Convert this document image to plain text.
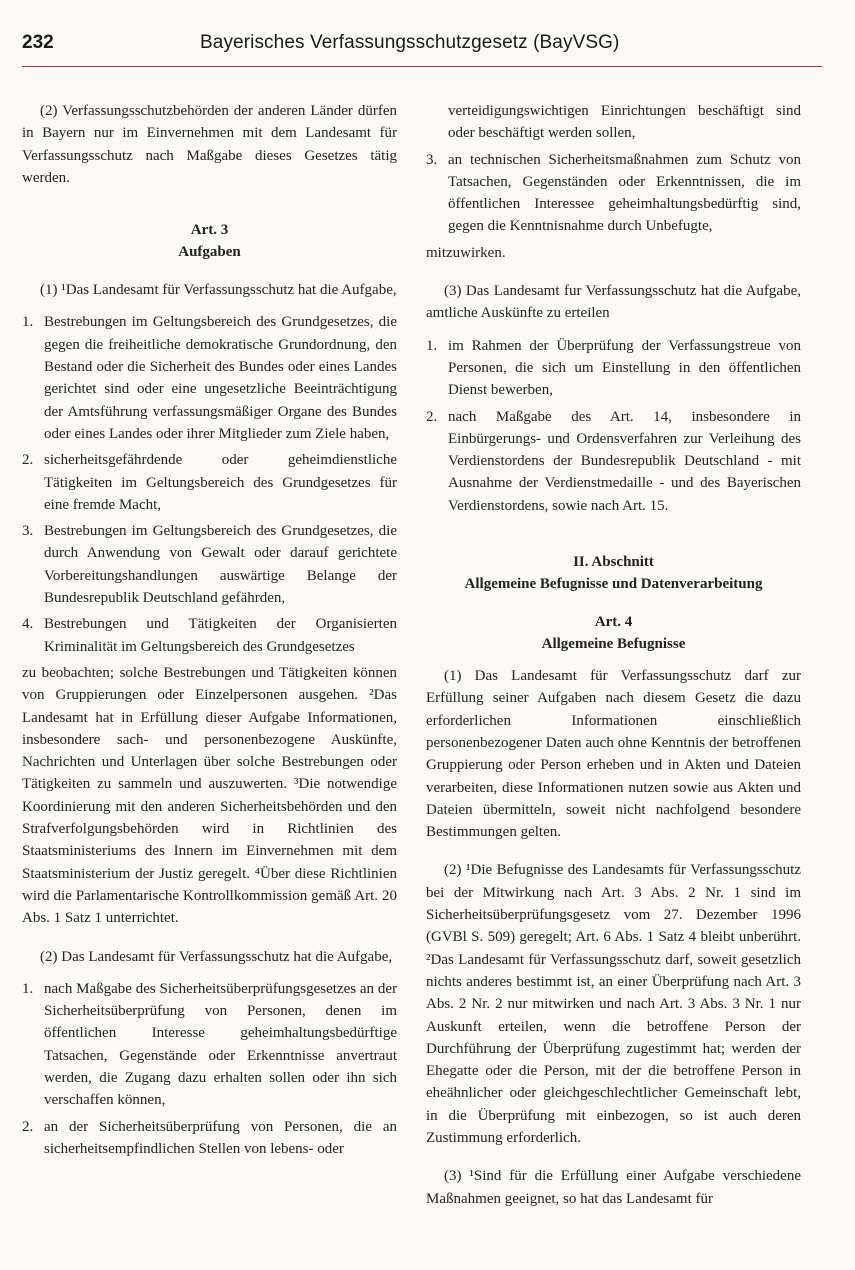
232	Bayerisches Verfassungsschutzgesetz (BayVSG)

(2) Verfassungsschutzbehörden der anderen Länder dürfen in Bayern nur im Einvernehmen mit dem Landesamt für Verfassungsschutz nach Maßgabe dieses Gesetzes tätig werden.

Art. 3
Aufgaben

(1) ¹Das Landesamt für Verfassungsschutz hat die Aufgabe,

1. Bestrebungen im Geltungsbereich des Grundgesetzes, die gegen die freiheitliche demokratische Grundordnung, den Bestand oder die Sicherheit des Bundes oder eines Landes gerichtet sind oder eine ungesetzliche Beeinträchtigung der Amtsführung verfassungsmäßiger Organe des Bundes oder eines Landes oder ihrer Mitglieder zum Ziele haben,
2. sicherheitsgefährdende oder geheimdienstliche Tätigkeiten im Geltungsbereich des Grundgesetzes für eine fremde Macht,
3. Bestrebungen im Geltungsbereich des Grundgesetzes, die durch Anwendung von Gewalt oder darauf gerichtete Vorbereitungshandlungen auswärtige Belange der Bundesrepublik Deutschland gefährden,
4. Bestrebungen und Tätigkeiten der Organisierten Kriminalität im Geltungsbereich des Grundgesetzes

zu beobachten; solche Bestrebungen und Tätigkeiten können von Gruppierungen oder Einzelpersonen ausgehen. ²Das Landesamt hat in Erfüllung dieser Aufgabe Informationen, insbesondere sach- und personenbezogene Auskünfte, Nachrichten und Unterlagen über solche Bestrebungen oder Tätigkeiten zu sammeln und auszuwerten. ³Die notwendige Koordinierung mit den anderen Sicherheitsbehörden und den Strafverfolgungsbehörden wird in Richtlinien des Staatsministeriums des Innern im Einvernehmen mit dem Staatsministerium der Justiz geregelt. ⁴Über diese Richtlinien wird die Parlamentarische Kontrollkommission gemäß Art. 20 Abs. 1 Satz 1 unterrichtet.

(2) Das Landesamt für Verfassungsschutz hat die Aufgabe,

1. nach Maßgabe des Sicherheitsüberprüfungsgesetzes an der Sicherheitsüberprüfung von Personen, denen im öffentlichen Interesse geheimhaltungsbedürftige Tatsachen, Gegenstände oder Erkenntnisse anvertraut werden, die Zugang dazu erhalten sollen oder ihn sich verschaffen können,
2. an der Sicherheitsüberprüfung von Personen, die an sicherheitsempfindlichen Stellen von lebens- oder
verteidigungswichtigen Einrichtungen beschäftigt sind oder beschäftigt werden sollen,
3. an technischen Sicherheitsmaßnahmen zum Schutz von Tatsachen, Gegenständen oder Erkenntnissen, die im öffentlichen Interessee geheimhaltungsbedürftig sind, gegen die Kenntnisnahme durch Unbefugte,

mitzuwirken.

(3) Das Landesamt fur Verfassungsschutz hat die Aufgabe, amtliche Auskünfte zu erteilen

1. im Rahmen der Überprüfung der Verfassungstreue von Personen, die sich um Einstellung in den öffentlichen Dienst bewerben,
2. nach Maßgabe des Art. 14, insbesondere in Einbürgerungs- und Ordensverfahren zur Verleihung des Verdienstordens der Bundesrepublik Deutschland - mit Ausnahme der Verdienstmedaille - und des Bayerischen Verdienstordens, sowie nach Art. 15.
II. Abschnitt
Allgemeine Befugnisse und Datenverarbeitung
Art. 4
Allgemeine Befugnisse

(1) Das Landesamt für Verfassungsschutz darf zur Erfüllung seiner Aufgaben nach diesem Gesetz die dazu erforderlichen Informationen einschließlich personenbezogener Daten auch ohne Kenntnis der betroffenen Gruppierung oder Person erheben und in Akten und Dateien verarbeiten, diese Informationen nutzen sowie aus Akten und Dateien übermitteln, soweit nicht nachfolgend besondere Bestimmungen gelten.

(2) ¹Die Befugnisse des Landesamts für Verfassungsschutz bei der Mitwirkung nach Art. 3 Abs. 2 Nr. 1 sind im Sicherheitsüberprüfungsgesetz vom 27. Dezember 1996 (GVBl S. 509) geregelt; Art. 6 Abs. 1 Satz 4 bleibt unberührt. ²Das Landesamt für Verfassungsschutz darf, soweit gesetzlich nichts anderes bestimmt ist, an einer Überprüfung nach Art. 3 Abs. 2 Nr. 2 nur mitwirken und nach Art. 3 Abs. 3 Nr. 1 nur Auskunft erteilen, wenn die betroffene Person der Durchführung der Überprüfung zugestimmt hat; werden der Ehegatte oder die Person, mit der die betroffene Person in eheähnlicher oder gleichgeschlechtlicher Gemeinschaft lebt, in die Überprüfung mit einbezogen, so ist auch deren Zustimmung erforderlich.

(3) ¹Sind für die Erfüllung einer Aufgabe verschiedene Maßnahmen geeignet, so hat das Landesamt für
